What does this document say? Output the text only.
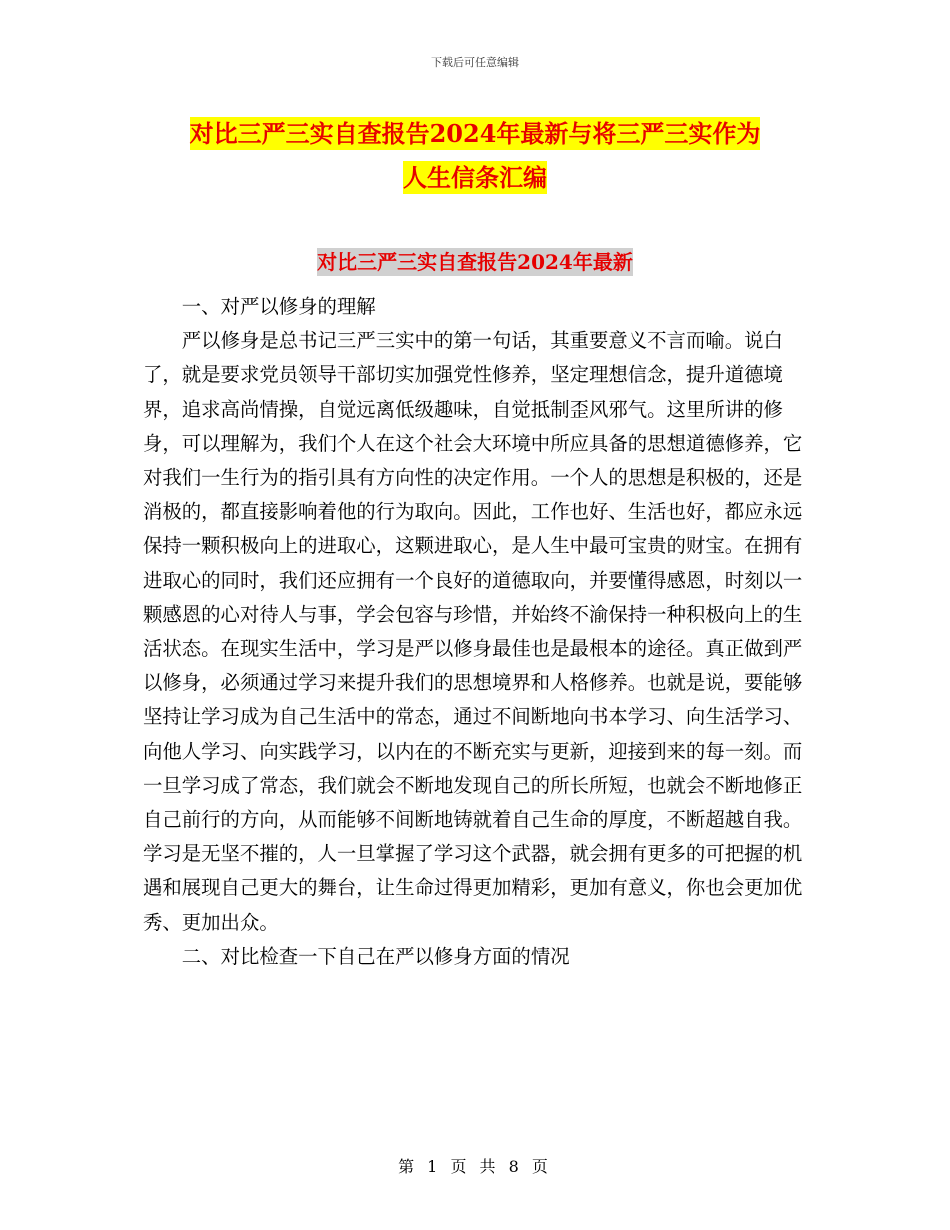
下载后可任意编辑
对比三严三实自查报告2024年最新与将三严三实作为
人生信条汇编
对比三严三实自查报告2024年最新

一、对严以修身的理解

严以修身是总书记三严三实中的第一句话，其重要意义不言而喻。说白了，就是要求党员领导干部切实加强党性修养，坚定理想信念，提升道德境界，追求高尚情操，自觉远离低级趣味，自觉抵制歪风邪气。这里所讲的修身，可以理解为，我们个人在这个社会大环境中所应具备的思想道德修养，它对我们一生行为的指引具有方向性的决定作用。一个人的思想是积极的，还是消极的，都直接影响着他的行为取向。因此，工作也好、生活也好，都应永远保持一颗积极向上的进取心，这颗进取心，是人生中最可宝贵的财宝。在拥有进取心的同时，我们还应拥有一个良好的道德取向，并要懂得感恩，时刻以一颗感恩的心对待人与事，学会包容与珍惜，并始终不渝保持一种积极向上的生活状态。在现实生活中，学习是严以修身最佳也是最根本的途径。真正做到严以修身，必须通过学习来提升我们的思想境界和人格修养。也就是说，要能够坚持让学习成为自己生活中的常态，通过不间断地向书本学习、向生活学习、向他人学习、向实践学习，以内在的不断充实与更新，迎接到来的每一刻。而一旦学习成了常态，我们就会不断地发现自己的所长所短，也就会不断地修正自己前行的方向，从而能够不间断地铸就着自己生命的厚度，不断超越自我。学习是无坚不摧的，人一旦掌握了学习这个武器，就会拥有更多的可把握的机遇和展现自己更大的舞台，让生命过得更加精彩，更加有意义，你也会更加优秀、更加出众。

二、对比检查一下自己在严以修身方面的情况

第 1 页 共 8 页
